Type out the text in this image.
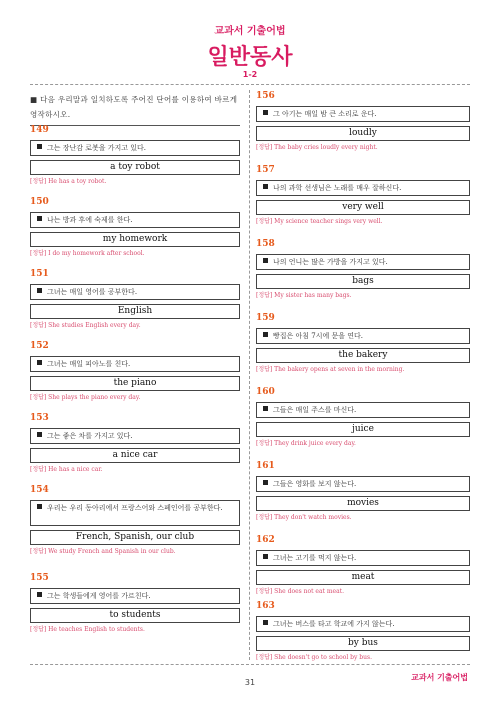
교과서 기출어법
일반동사
1-2
■ 다음 우리말과 일치하도록 주어진 단어를 이용하여 바르게 영작하시오.
149
그는 장난감 로봇을 가지고 있다.
a toy robot
[정답] He has a toy robot.
150
나는 방과 후에 숙제를 한다.
my homework
[정답] I do my homework after school.
151
그녀는 매일 영어를 공부한다.
English
[정답] She studies English every day.
152
그녀는 매일 피아노를 친다.
the piano
[정답] She plays the piano every day.
153
그는 좋은 차를 가지고 있다.
a nice car
[정답] He has a nice car.
154
우리는 우리 동아리에서 프랑스어와 스페인어를 공부한다.
French, Spanish, our club
[정답] We study French and Spanish in our club.
155
그는 학생들에게 영어를 가르친다.
to students
[정답] He teaches English to students.
156
그 아기는 매일 밤 큰 소리로 운다.
loudly
[정답] The baby cries loudly every night.
157
나의 과학 선생님은 노래를 매우 잘하신다.
very well
[정답] My science teacher sings very well.
158
나의 언니는 많은 가방을 가지고 있다.
bags
[정답] My sister has many bags.
159
빵집은 아침 7시에 문을 연다.
the bakery
[정답] The bakery opens at seven in the morning.
160
그들은 매일 주스를 마신다.
juice
[정답] They drink juice every day.
161
그들은 영화를 보지 않는다.
movies
[정답] They don't watch movies.
162
그녀는 고기를 먹지 않는다.
meat
[정답] She does not eat meat.
163
그녀는 버스를 타고 학교에 가지 않는다.
by bus
[정답] She doesn't go to school by bus.
31
교과서 기출어법
